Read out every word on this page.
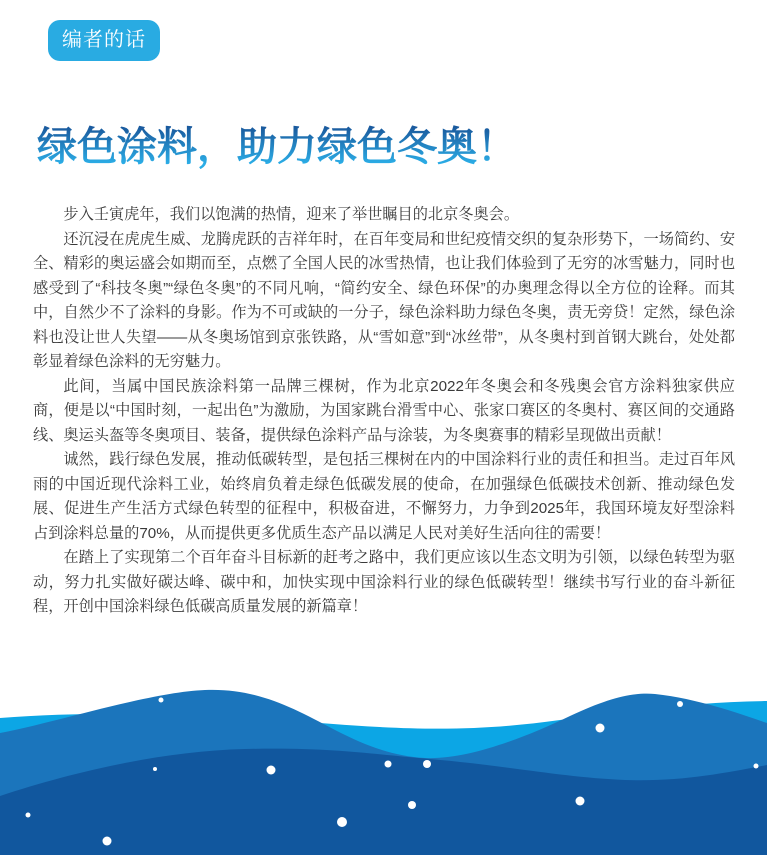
编者的话
绿色涂料，助力绿色冬奥！

步入壬寅虎年，我们以饱满的热情，迎来了举世瞩目的北京冬奥会。

还沉浸在虎虎生威、龙腾虎跃的吉祥年时，在百年变局和世纪疫情交织的复杂形势下，一场简约、安全、精彩的奥运盛会如期而至，点燃了全国人民的冰雪热情，也让我们体验到了无穷的冰雪魅力，同时也感受到了“科技冬奥”“绿色冬奥”的不同凡响，“简约安全、绿色环保”的办奥理念得以全方位的诠释。而其中，自然少不了涂料的身影。作为不可或缺的一分子，绿色涂料助力绿色冬奥，责无旁贷！定然，绿色涂料也没让世人失望——从冬奥场馆到京张铁路，从“雪如意”到“冰丝带”，从冬奥村到首钢大跳台，处处都彰显着绿色涂料的无穷魅力。

此间，当属中国民族涂料第一品牌三棵树，作为北京2022年冬奥会和冬残奥会官方涂料独家供应商，便是以“中国时刻，一起出色”为激励，为国家跳台滑雪中心、张家口赛区的冬奥村、赛区间的交通路线、奥运头盔等冬奥项目、装备，提供绿色涂料产品与涂装，为冬奥赛事的精彩呈现做出贡献！

诚然，践行绿色发展，推动低碳转型，是包括三棵树在内的中国涂料行业的责任和担当。走过百年风雨的中国近现代涂料工业，始终肩负着走绿色低碳发展的使命，在加强绿色低碳技术创新、推动绿色发展、促进生产生活方式绿色转型的征程中，积极奋进，不懈努力，力争到2025年，我国环境友好型涂料占到涂料总量的70%，从而提供更多优质生态产品以满足人民对美好生活向往的需要！

在踏上了实现第二个百年奋斗目标新的赶考之路中，我们更应该以生态文明为引领，以绿色转型为驱动，努力扎实做好碳达峰、碳中和，加快实现中国涂料行业的绿色低碳转型！继续书写行业的奋斗新征程，开创中国涂料绿色低碳高质量发展的新篇章！
